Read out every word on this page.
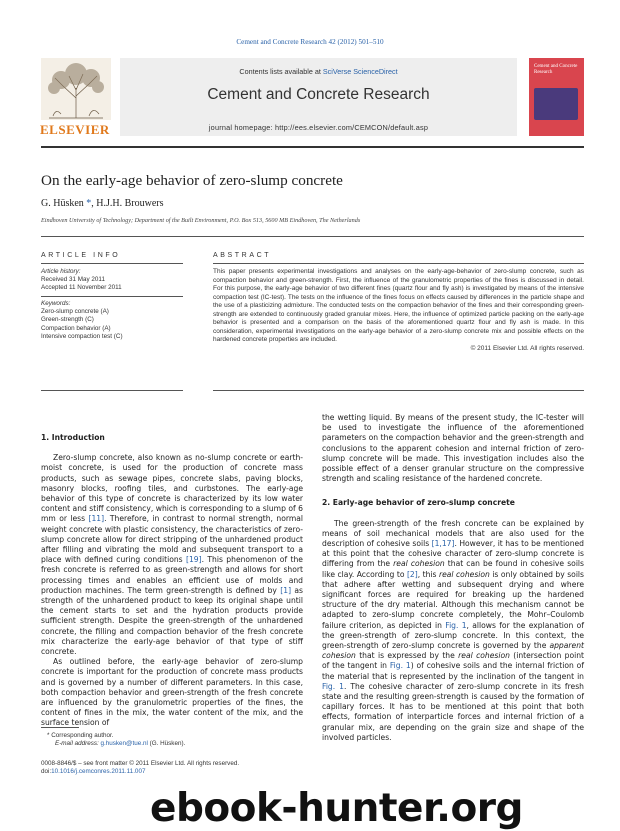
Cement and Concrete Research 42 (2012) 501–510
ELSEVIER
Contents lists available at SciVerse ScienceDirect
Cement and Concrete Research
journal homepage: http://ees.elsevier.com/CEMCON/default.asp
Cement and Concrete Research
On the early-age behavior of zero-slump concrete
G. Hüsken *, H.J.H. Brouwers
Eindhoven University of Technology; Department of the Built Environment, P.O. Box 513, 5600 MB Eindhoven, The Netherlands
ARTICLE INFO
Article history:
Received 31 May 2011
Accepted 11 November 2011
Keywords:
Zero-slump concrete (A)
Green-strength (C)
Compaction behavior (A)
Intensive compaction test (C)
ABSTRACT
This paper presents experimental investigations and analyses on the early-age-behavior of zero-slump concrete, such as compaction behavior and green-strength. First, the influence of the granulometric properties of the fines is discussed in detail. For this purpose, the early-age behavior of two different fines (quartz flour and fly ash) is investigated by means of the intensive compaction test (IC-test). The tests on the influence of the fines focus on effects caused by differences in the particle shape and the use of a plasticizing admixture. The conducted tests on the compaction behavior of the fines and their corresponding green-strength are extended to continuously graded granular mixes. Here, the influence of optimized particle packing on the early-age behavior is presented and a comparison on the basis of the aforementioned quartz flour and fly ash is made. In this consideration, experimental investigations on the early-age behavior of a zero-slump concrete mix and possible effects on the hardened concrete properties are included.
© 2011 Elsevier Ltd. All rights reserved.
1. Introduction

Zero-slump concrete, also known as no-slump concrete or earth-moist concrete, is used for the production of concrete mass products, such as sewage pipes, concrete slabs, paving blocks, masonry blocks, roofing tiles, and curbstones. The early-age behavior of this type of concrete is characterized by its low water content and stiff consistency, which is corresponding to a slump of 6 mm or less [11]. Therefore, in contrast to normal strength, normal weight concrete with plastic consistency, the characteristics of zero-slump concrete allow for direct stripping of the unhardened product after filling and vibrating the mold and subsequent transport to a place with defined curing conditions [19]. This phenomenon of the fresh concrete is referred to as green-strength and allows for short processing times and enables an efficient use of molds and production machines. The term green-strength is defined by [1] as strength of the unhardened product to keep its original shape until the cement starts to set and the hydration products provide sufficient strength. Despite the green-strength of the unhardened concrete, the filling and compaction behavior of the fresh concrete mix characterize the early-age behavior of that type of stiff concrete.

As outlined before, the early-age behavior of zero-slump concrete is important for the production of concrete mass products and is governed by a number of different parameters. In this case, both compaction behavior and green-strength of the fresh concrete are influenced by the granulometric properties of the fines, the content of fines in the mix, the water content of the mix, and the surface tension of

the wetting liquid. By means of the present study, the IC-tester will be used to investigate the influence of the aforementioned parameters on the compaction behavior and the green-strength and conclusions to the apparent cohesion and internal friction of zero-slump concrete will be made. This investigation includes also the possible effect of a denser granular structure on the compressive strength and scaling resistance of the hardened concrete.

2. Early-age behavior of zero-slump concrete

The green-strength of the fresh concrete can be explained by means of soil mechanical models that are also used for the description of cohesive soils [1,17]. However, it has to be mentioned at this point that the cohesive character of zero-slump concrete is differing from the real cohesion that can be found in cohesive soils like clay. According to [2], this real cohesion is only obtained by soils that adhere after wetting and subsequent drying and where significant forces are required for breaking up the hardened structure of the dry material. Although this mechanism cannot be adapted to zero-slump concrete completely, the Mohr–Coulomb failure criterion, as depicted in Fig. 1, allows for the explanation of the green-strength of zero-slump concrete. In this context, the green-strength of zero-slump concrete is governed by the apparent cohesion that is expressed by the real cohesion (intersection point of the tangent in Fig. 1) of cohesive soils and the internal friction of the material that is represented by the inclination of the tangent in Fig. 1. The cohesive character of zero-slump concrete in its fresh state and the resulting green-strength is caused by the formation of capillary forces. It has to be mentioned at this point that both effects, formation of interparticle forces and internal friction of a granular mix, are depending on the grain size and shape of the involved particles.

* Corresponding author.
E-mail address: g.husken@tue.nl (G. Hüsken).
0008-8846/$ – see front matter © 2011 Elsevier Ltd. All rights reserved.
doi:10.1016/j.cemconres.2011.11.007
ebook-hunter.org
